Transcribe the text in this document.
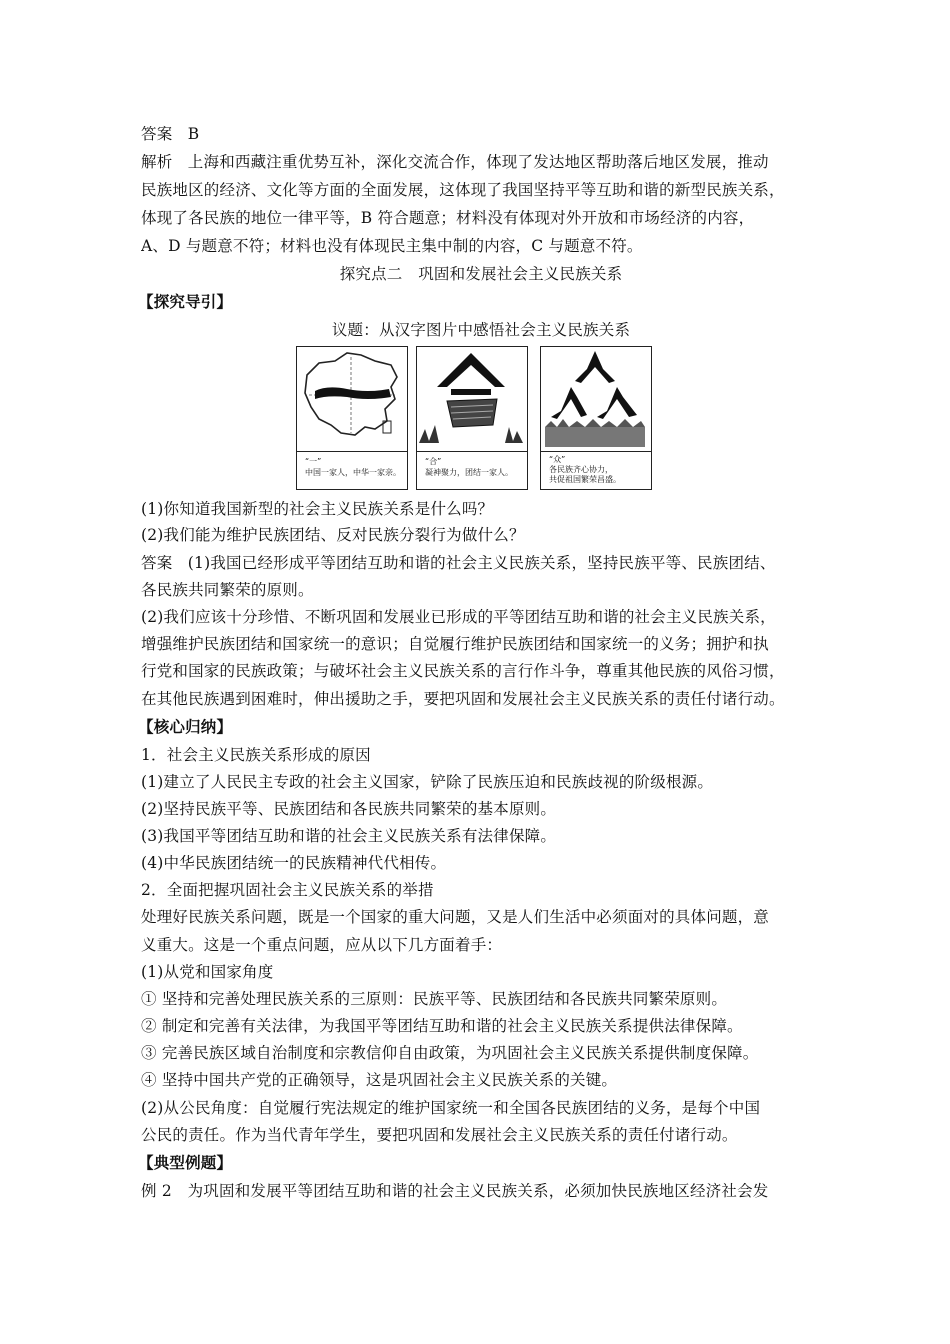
答案 B
解析 上海和西藏注重优势互补，深化交流合作，体现了发达地区帮助落后地区发展，推动
民族地区的经济、文化等方面的全面发展，这体现了我国坚持平等互助和谐的新型民族关系，
体现了各民族的地位一律平等，B 符合题意；材料没有体现对外开放和市场经济的内容，
A、D 与题意不符；材料也没有体现民主集中制的内容，C 与题意不符。
探究点二　巩固和发展社会主义民族关系
【探究导引】
议题：从汉字图片中感悟社会主义民族关系
“一”
中国一家人，中华一家亲。
“合”
凝神聚力，团结一家人。
“众”
各民族齐心协力，
共促祖国繁荣昌盛。
(1)你知道我国新型的社会主义民族关系是什么吗？
(2)我们能为维护民族团结、反对民族分裂行为做什么？
答案 (1)我国已经形成平等团结互助和谐的社会主义民族关系，坚持民族平等、民族团结、
各民族共同繁荣的原则。
(2)我们应该十分珍惜、不断巩固和发展业已形成的平等团结互助和谐的社会主义民族关系，
增强维护民族团结和国家统一的意识；自觉履行维护民族团结和国家统一的义务；拥护和执
行党和国家的民族政策；与破坏社会主义民族关系的言行作斗争，尊重其他民族的风俗习惯，
在其他民族遇到困难时，伸出援助之手，要把巩固和发展社会主义民族关系的责任付诸行动。
【核心归纳】
1．社会主义民族关系形成的原因
(1)建立了人民民主专政的社会主义国家，铲除了民族压迫和民族歧视的阶级根源。
(2)坚持民族平等、民族团结和各民族共同繁荣的基本原则。
(3)我国平等团结互助和谐的社会主义民族关系有法律保障。
(4)中华民族团结统一的民族精神代代相传。
2．全面把握巩固社会主义民族关系的举措
处理好民族关系问题，既是一个国家的重大问题，又是人们生活中必须面对的具体问题，意
义重大。这是一个重点问题，应从以下几方面着手：
(1)从党和国家角度
① 坚持和完善处理民族关系的三原则：民族平等、民族团结和各民族共同繁荣原则。
② 制定和完善有关法律，为我国平等团结互助和谐的社会主义民族关系提供法律保障。
③ 完善民族区域自治制度和宗教信仰自由政策，为巩固社会主义民族关系提供制度保障。
④ 坚持中国共产党的正确领导，这是巩固社会主义民族关系的关键。
(2)从公民角度：自觉履行宪法规定的维护国家统一和全国各民族团结的义务，是每个中国
公民的责任。作为当代青年学生，要把巩固和发展社会主义民族关系的责任付诸行动。
【典型例题】
例 2　为巩固和发展平等团结互助和谐的社会主义民族关系，必须加快民族地区经济社会发
